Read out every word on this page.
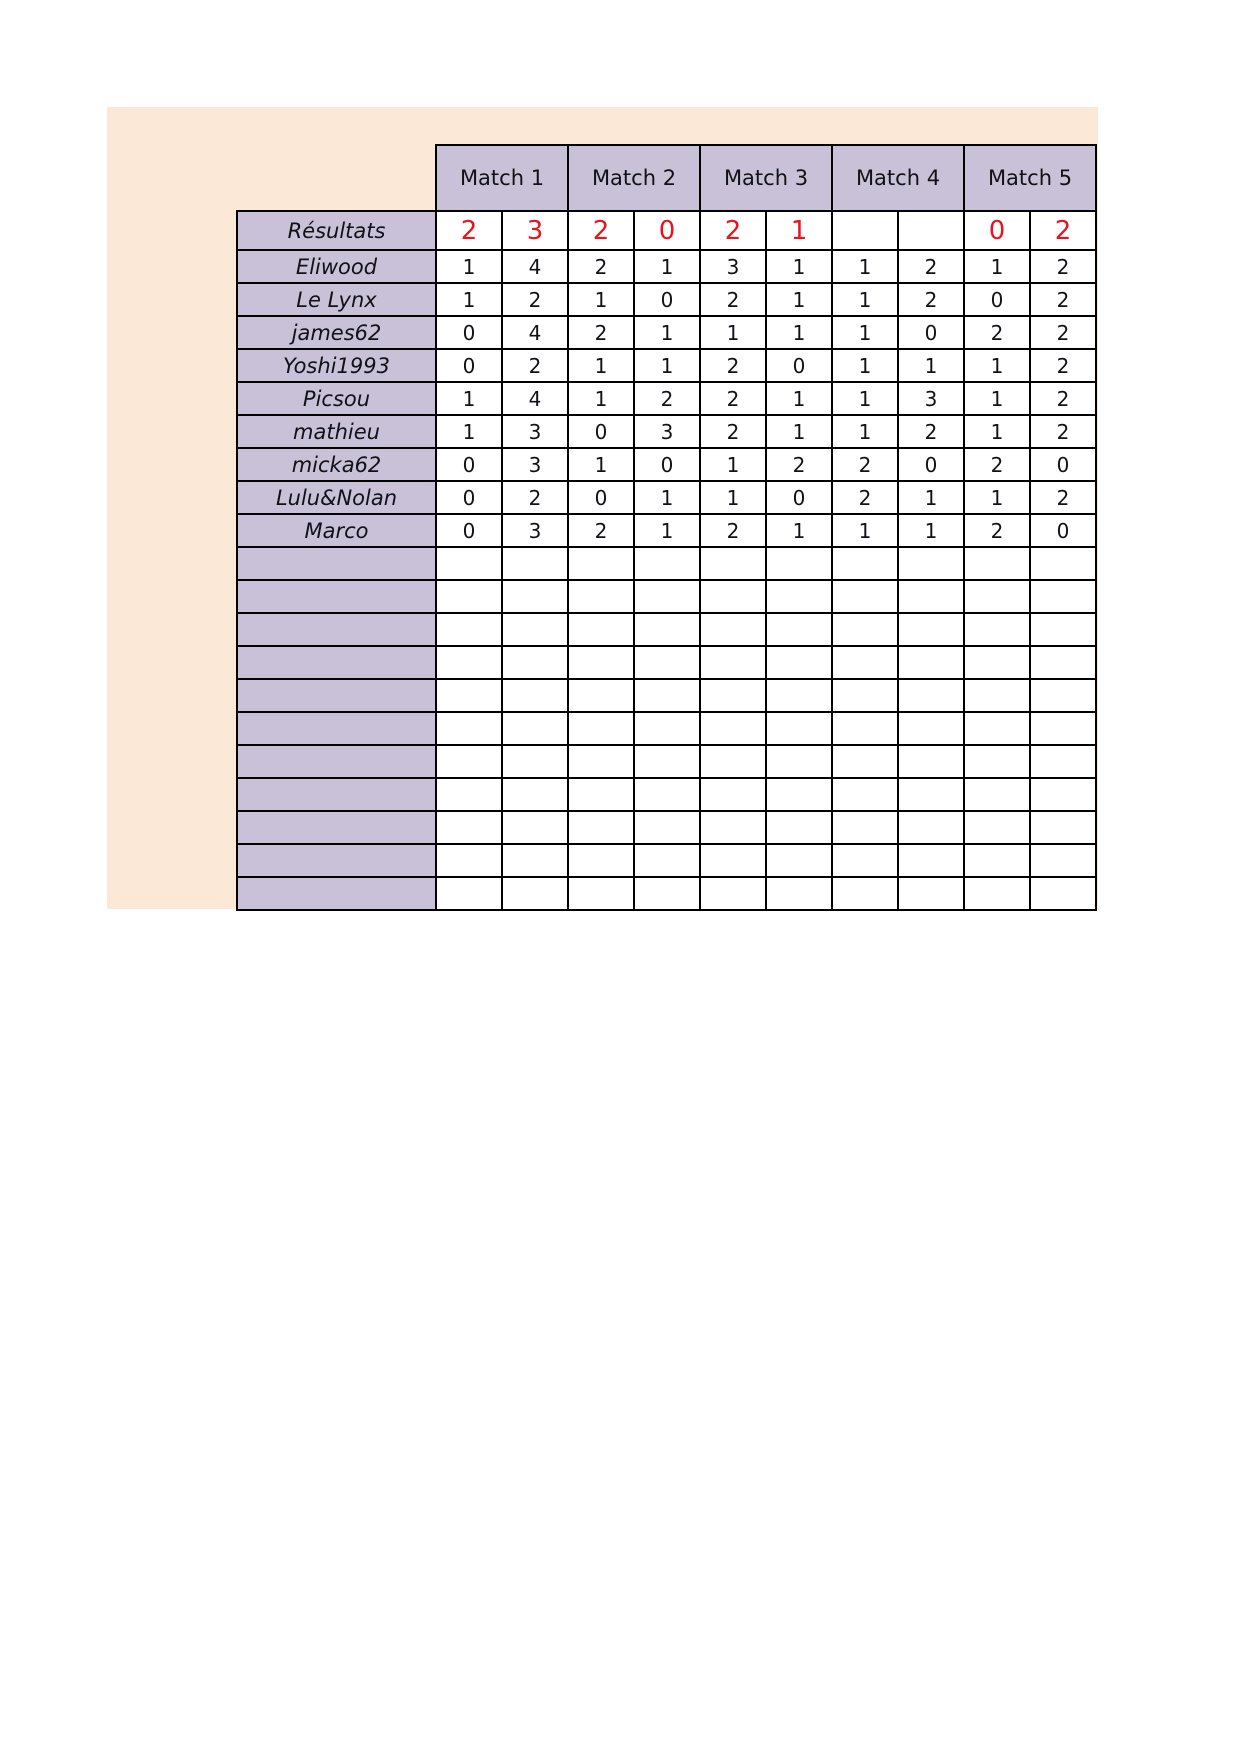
	Match 1		Match 2		Match 3		Match 4		Match 5	
Résultats	2	3	2	0	2	1			0	2
Eliwood	1	4	2	1	3	1	1	2	1	2
Le Lynx	1	2	1	0	2	1	1	2	0	2
james62	0	4	2	1	1	1	1	0	2	2
Yoshi1993	0	2	1	1	2	0	1	1	1	2
Picsou	1	4	1	2	2	1	1	3	1	2
mathieu	1	3	0	3	2	1	1	2	1	2
micka62	0	3	1	0	1	2	2	0	2	0
Lulu&Nolan	0	2	0	1	1	0	2	1	1	2
Marco	0	3	2	1	2	1	1	1	2	0
